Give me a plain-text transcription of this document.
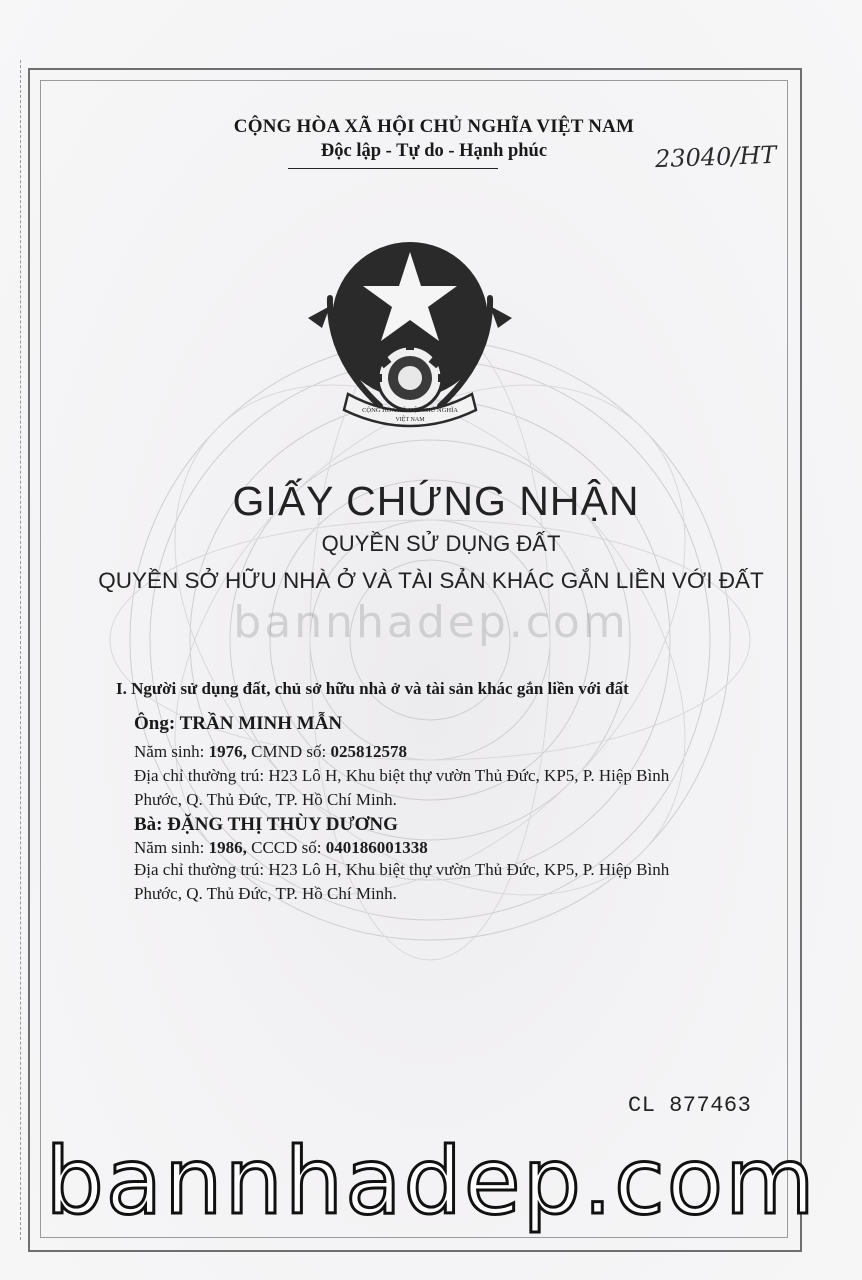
CỘNG HÒA XÃ HỘI CHỦ NGHĨA VIỆT NAM
Độc lập - Tự do - Hạnh phúc	23040/HT
CỘNG HÒA XÃ HỘI CHỦ NGHĨA
VIỆT NAM
GIẤY CHỨNG NHẬN
QUYỀN SỬ DỤNG ĐẤT
QUYỀN SỞ HỮU NHÀ Ở VÀ TÀI SẢN KHÁC GẮN LIỀN VỚI ĐẤT
bannhadep.com
I. Người sử dụng đất, chủ sở hữu nhà ở và tài sản khác gắn liền với đất
Ông: TRẦN MINH MẪN
Năm sinh: 1976, CMND số: 025812578
Địa chỉ thường trú: H23 Lô H, Khu biệt thự vườn Thủ Đức, KP5, P. Hiệp Bình
Phước, Q. Thủ Đức, TP. Hồ Chí Minh.
Bà: ĐẶNG THỊ THÙY DƯƠNG
Năm sinh: 1986, CCCD số: 040186001338
Địa chỉ thường trú: H23 Lô H, Khu biệt thự vườn Thủ Đức, KP5, P. Hiệp Bình
Phước, Q. Thủ Đức, TP. Hồ Chí Minh.
CL 877463
bannhadep.com
